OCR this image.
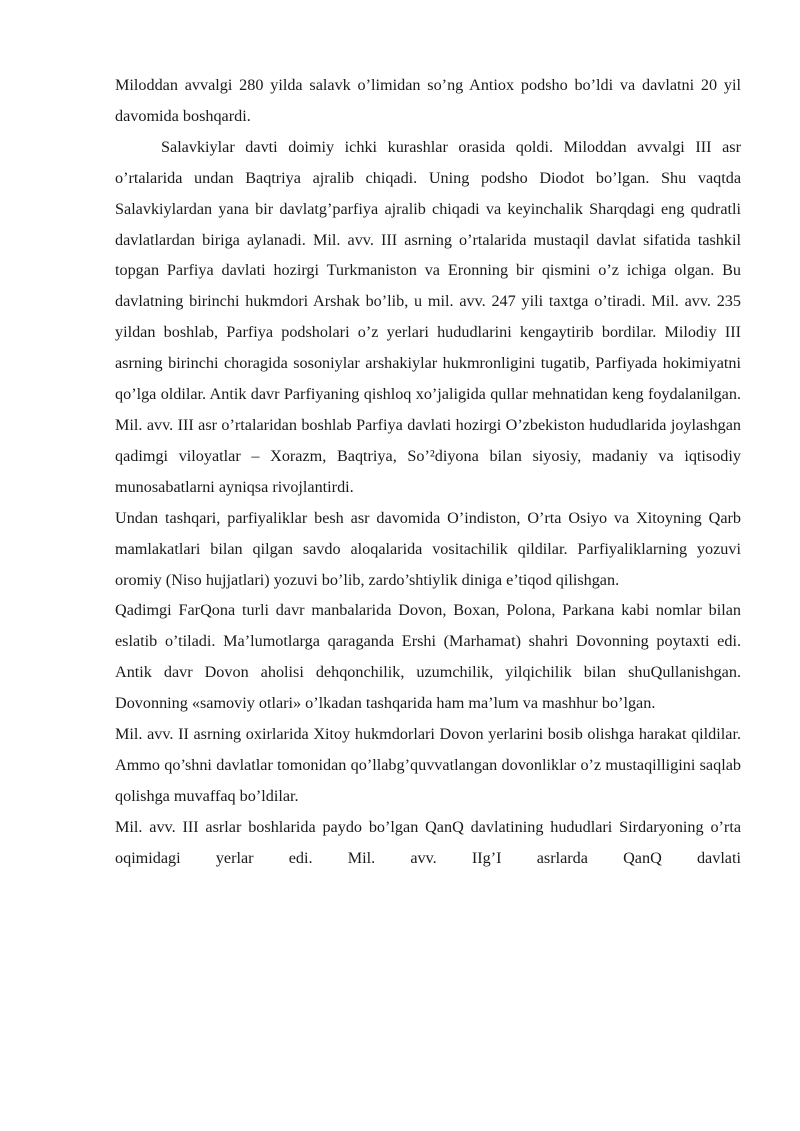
Miloddan avvalgi 280 yilda salavk o’limidan so’ng Antiox podsho bo’ldi va davlatni 20 yil davomida boshqardi.

Salavkiylar davti doimiy ichki kurashlar orasida qoldi. Miloddan avvalgi III asr o’rtalarida undan Baqtriya ajralib chiqadi. Uning podsho Diodot bo’lgan. Shu vaqtda Salavkiylardan yana bir davlatg’parfiya ajralib chiqadi va keyinchalik Sharqdagi eng qudratli davlatlardan biriga aylanadi. Mil. avv. III asrning o’rtalarida mustaqil davlat sifatida tashkil topgan Parfiya davlati hozirgi Turkmaniston va Eronning bir qismini o’z ichiga olgan. Bu davlatning birinchi hukmdori Arshak bo’lib, u mil. avv. 247 yili taxtga o’tiradi. Mil. avv. 235 yildan boshlab, Parfiya podsholari o’z yerlari hududlarini kengaytirib bordilar. Milodiy III asrning birinchi choragida sosoniylar arshakiylar hukmronligini tugatib, Parfiyada hokimiyatni qo’lga oldilar. Antik davr Parfiyaning qishloq xo’jaligida qullar mehnatidan keng foydalanilgan. Mil. avv. III asr o’rtalaridan boshlab Parfiya davlati hozirgi O’zbekiston hududlarida joylashgan qadimgi viloyatlar – Xorazm, Baqtriya, So’²diyona bilan siyosiy, madaniy va iqtisodiy munosabatlarni ayniqsa rivojlantirdi.

Undan tashqari, parfiyaliklar besh asr davomida O’indiston, O’rta Osiyo va Xitoyning Qarb mamlakatlari bilan qilgan savdo aloqalarida vositachilik qildilar. Parfiyaliklarning yozuvi oromiy (Niso hujjatlari) yozuvi bo’lib, zardo’shtiylik diniga e’tiqod qilishgan.

Qadimgi FarQona turli davr manbalarida Dovon, Boxan, Polona, Parkana kabi nomlar bilan eslatib o’tiladi. Ma’lumotlarga qaraganda Ershi (Marhamat) shahri Dovonning poytaxti edi. Antik davr Dovon aholisi dehqonchilik, uzumchilik, yilqichilik bilan shuQullanishgan. Dovonning «samoviy otlari» o’lkadan tashqarida ham ma’lum va mashhur bo’lgan.

Mil. avv. II asrning oxirlarida Xitoy hukmdorlari Dovon yerlarini bosib olishga harakat qildilar. Ammo qo’shni davlatlar tomonidan qo’llabg’quvvatlangan dovonliklar o’z mustaqilligini saqlab qolishga muvaffaq bo’ldilar.

Mil. avv. III asrlar boshlarida paydo bo’lgan QanQ davlatining hududlari Sirdaryoning o’rta oqimidagi yerlar edi. Mil. avv. IIg’I asrlarda QanQ davlati
